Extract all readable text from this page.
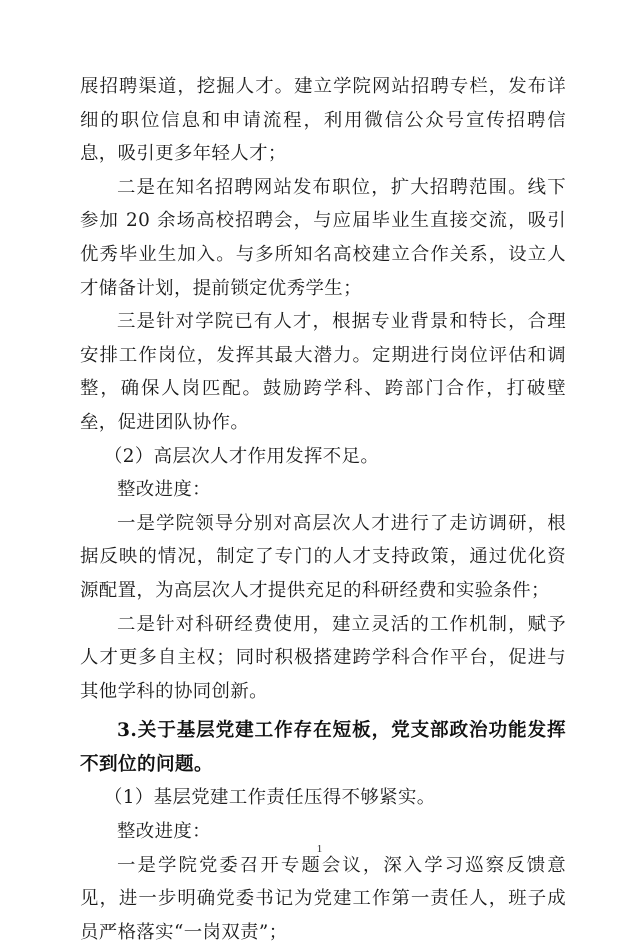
展招聘渠道，挖掘人才。建立学院网站招聘专栏，发布详细的职位信息和申请流程，利用微信公众号宣传招聘信息，吸引更多年轻人才；

二是在知名招聘网站发布职位，扩大招聘范围。线下参加 20 余场高校招聘会，与应届毕业生直接交流，吸引优秀毕业生加入。与多所知名高校建立合作关系，设立人才储备计划，提前锁定优秀学生；

三是针对学院已有人才，根据专业背景和特长，合理安排工作岗位，发挥其最大潜力。定期进行岗位评估和调整，确保人岗匹配。鼓励跨学科、跨部门合作，打破壁垒，促进团队协作。

（2）高层次人才作用发挥不足。

整改进度：

一是学院领导分别对高层次人才进行了走访调研，根据反映的情况，制定了专门的人才支持政策，通过优化资源配置，为高层次人才提供充足的科研经费和实验条件；

二是针对科研经费使用，建立灵活的工作机制，赋予人才更多自主权；同时积极搭建跨学科合作平台，促进与其他学科的协同创新。

3.关于基层党建工作存在短板，党支部政治功能发挥不到位的问题。

（1）基层党建工作责任压得不够紧实。

整改进度：

一是学院党委召开专题会议，深入学习巡察反馈意见，进一步明确党委书记为党建工作第一责任人，班子成员严格落实“一岗双责”；

1
